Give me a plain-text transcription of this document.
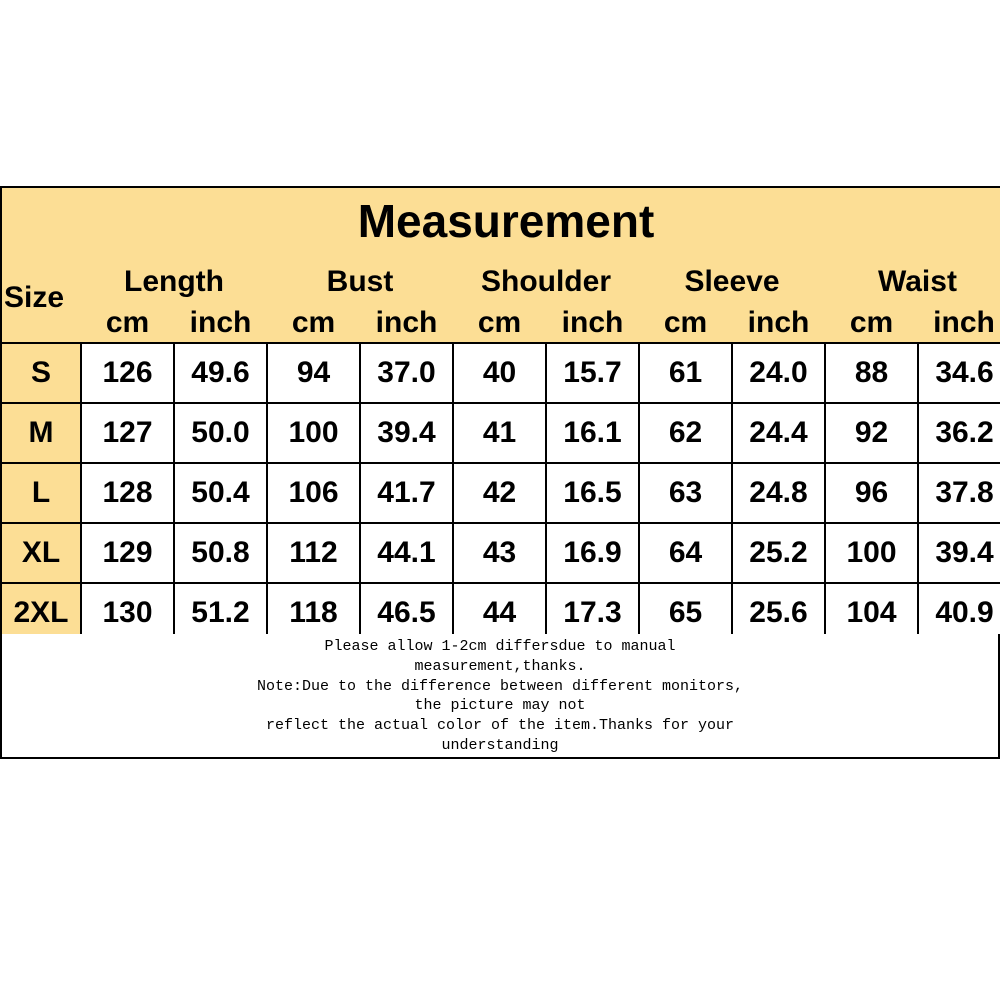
Measurement										
Size	Length		Bust		Shoulder		Sleeve		Waist	
	cm	inch	cm	inch	cm	inch	cm	inch	cm	inch
S	126	49.6	94	37.0	40	15.7	61	24.0	88	34.6
M	127	50.0	100	39.4	41	16.1	62	24.4	92	36.2
L	128	50.4	106	41.7	42	16.5	63	24.8	96	37.8
XL	129	50.8	112	44.1	43	16.9	64	25.2	100	39.4
2XL	130	51.2	118	46.5	44	17.3	65	25.6	104	40.9
Please allow 1-2cm differsdue to manual
measurement,thanks.
Note:Due to the difference between different monitors,
the picture may not
reflect the actual color of the item.Thanks for your
understanding
